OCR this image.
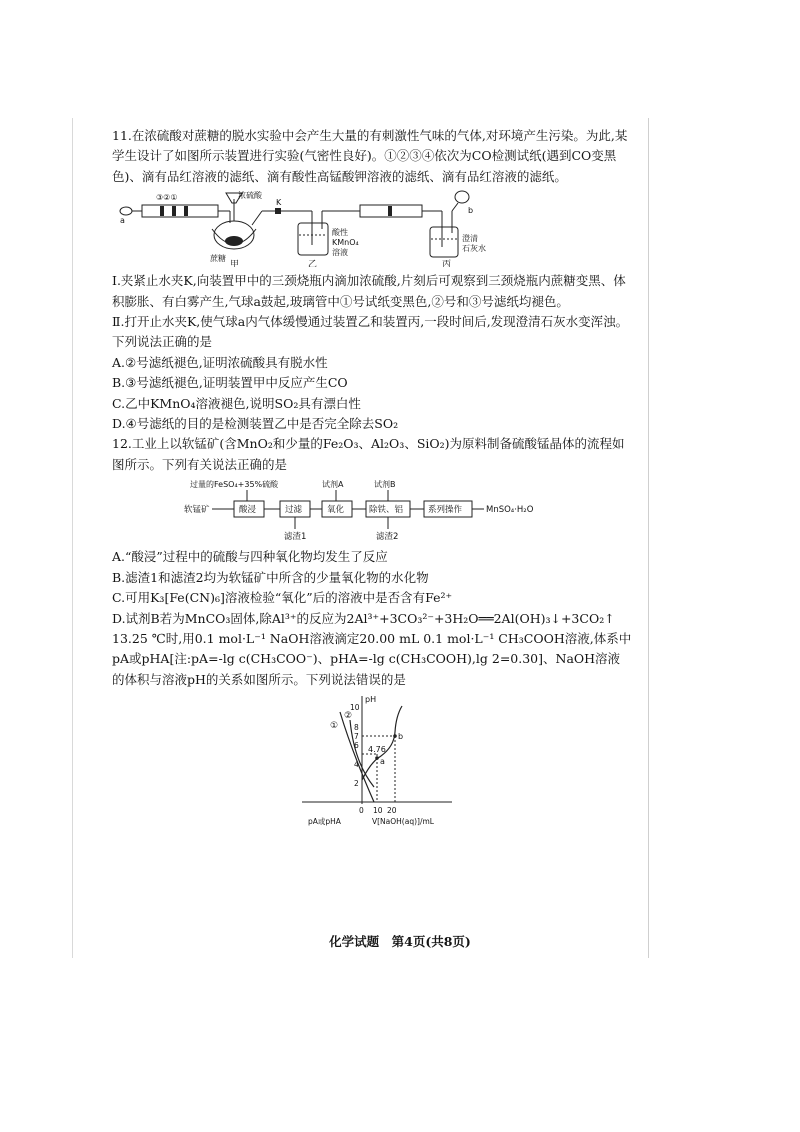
11.在浓硫酸对蔗糖的脱水实验中会产生大量的有刺激性气味的气体,对环境产生污染。为此,某学生设计了如图所示装置进行实验(气密性良好)。①②③④依次为CO检测试纸(遇到CO变黑色)、滴有品红溶液的滤纸、滴有酸性高锰酸钾溶液的滤纸、滴有品红溶液的滤纸。

a
③②①	浓硫酸
蔗糖
K
酸性
KMnO₄
溶液
澄清
石灰水
b
甲	乙	丙

Ⅰ.夹紧止水夹K,向装置甲中的三颈烧瓶内滴加浓硫酸,片刻后可观察到三颈烧瓶内蔗糖变黑、体积膨胀、有白雾产生,气球a鼓起,玻璃管中①号试纸变黑色,②号和③号滤纸均褪色。

Ⅱ.打开止水夹K,使气球a内气体缓慢通过装置乙和装置丙,一段时间后,发现澄清石灰水变浑浊。

下列说法正确的是

A.②号滤纸褪色,证明浓硫酸具有脱水性

B.③号滤纸褪色,证明装置甲中反应产生CO

C.乙中KMnO₄溶液褪色,说明SO₂具有漂白性

D.④号滤纸的目的是检测装置乙中是否完全除去SO₂

12.工业上以软锰矿(含MnO₂和少量的Fe₂O₃、Al₂O₃、SiO₂)为原料制备硫酸锰晶体的流程如图所示。下列有关说法正确的是

过量的FeSO₄+35%硫酸	试剂A	试剂B
软锰矿	酸浸	过滤	氧化	除铁、铝	系列操作	MnSO₄·H₂O
滤渣1	滤渣2

A.“酸浸”过程中的硫酸与四种氧化物均发生了反应

B.滤渣1和滤渣2均为软锰矿中所含的少量氧化物的水化物

C.可用K₃[Fe(CN)₆]溶液检验“氧化”后的溶液中是否含有Fe²⁺

D.试剂B若为MnCO₃固体,除Al³⁺的反应为2Al³⁺+3CO₃²⁻+3H₂O══2Al(OH)₃↓+3CO₂↑

13.25 ℃时,用0.1 mol·L⁻¹ NaOH溶液滴定20.00 mL 0.1 mol·L⁻¹ CH₃COOH溶液,体系中pA或pHA[注:pA=-lg c(CH₃COO⁻)、pHA=-lg c(CH₃COOH),lg 2=0.30]、NaOH溶液的体积与溶液pH的关系如图所示。下列说法错误的是

pH
10
8
7
6
4
2
0 10 20
pA或pHA	V[NaOH(aq)]/mL
①
②
4.76
a
b
化学试题　第4页(共8页)
